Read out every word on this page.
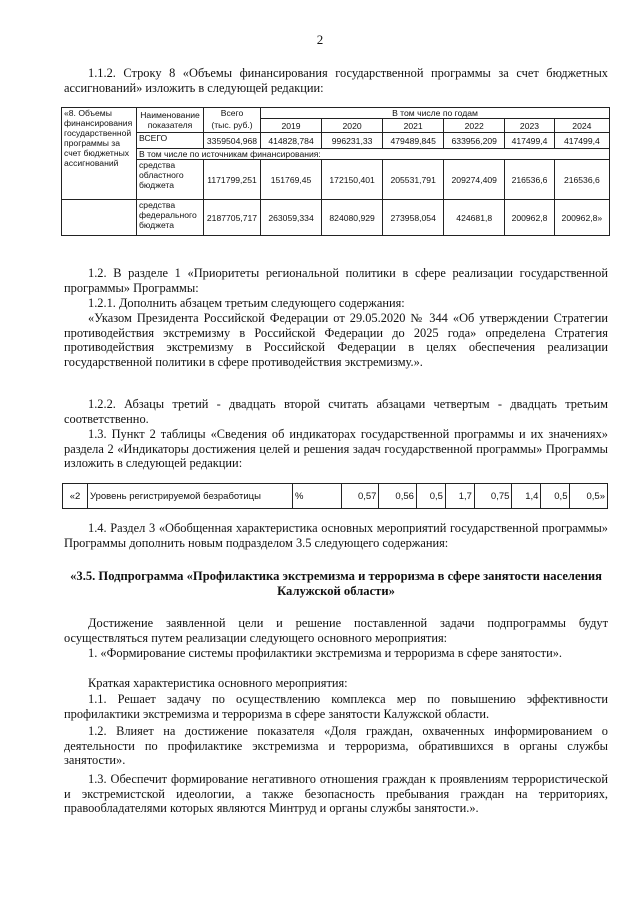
2

1.1.2. Строку 8 «Объемы финансирования государственной программы за счет бюджетных ассигнований» изложить в следующей редакции:

«8. Объемы финансирования государственной программы за счет бюджетных ассигнований	Наименование показателя	Всего	В том числе по годам					
		(тыс. руб.)	2019	2020	2021	2022	2023	2024
	ВСЕГО	3359504,968	414828,784	996231,33	479489,845	633956,209	417499,4	417499,4
	В том числе по источникам финансирования:							
	средства областного бюджета	1171799,251	151769,45	172150,401	205531,791	209274,409	216536,6	216536,6
	средства федерального бюджета	2187705,717	263059,334	824080,929	273958,054	424681,8	200962,8	200962,8»

1.2. В разделе 1 «Приоритеты региональной политики в сфере реализации государственной программы» Программы:

1.2.1. Дополнить абзацем третьим следующего содержания:

«Указом Президента Российской Федерации от 29.05.2020 № 344 «Об утверждении Стратегии противодействия экстремизму в Российской Федерации до 2025 года» определена Стратегия противодействия экстремизму в Российской Федерации в целях обеспечения реализации государственной политики в сфере противодействия экстремизму.».

1.2.2. Абзацы третий - двадцать второй считать абзацами четвертым - двадцать третьим соответственно.

1.3. Пункт 2 таблицы «Сведения об индикаторах государственной программы и их значениях» раздела 2 «Индикаторы достижения целей и решения задач государственной программы» Программы изложить в следующей редакции:

«2	Уровень регистрируемой безработицы	%	0,57	0,56	0,5	1,7	0,75	1,4	0,5	0,5»

1.4. Раздел 3 «Обобщенная характеристика основных мероприятий государственной программы» Программы дополнить новым подразделом 3.5 следующего содержания:

«3.5. Подпрограмма «Профилактика экстремизма и терроризма в сфере занятости населения Калужской области»

Достижение заявленной цели и решение поставленной задачи подпрограммы будут осуществляться путем реализации следующего основного мероприятия:

1. «Формирование системы профилактики экстремизма и терроризма в сфере занятости».

Краткая характеристика основного мероприятия:

1.1. Решает задачу по осуществлению комплекса мер по повышению эффективности профилактики экстремизма и терроризма в сфере занятости Калужской области.

1.2. Влияет на достижение показателя «Доля граждан, охваченных информированием о деятельности по профилактике экстремизма и терроризма, обратившихся в органы службы занятости».

1.3. Обеспечит формирование негативного отношения граждан к проявлениям террористической и экстремистской идеологии, а также безопасность пребывания граждан на территориях, правообладателями которых являются Минтруд и органы службы занятости.».
